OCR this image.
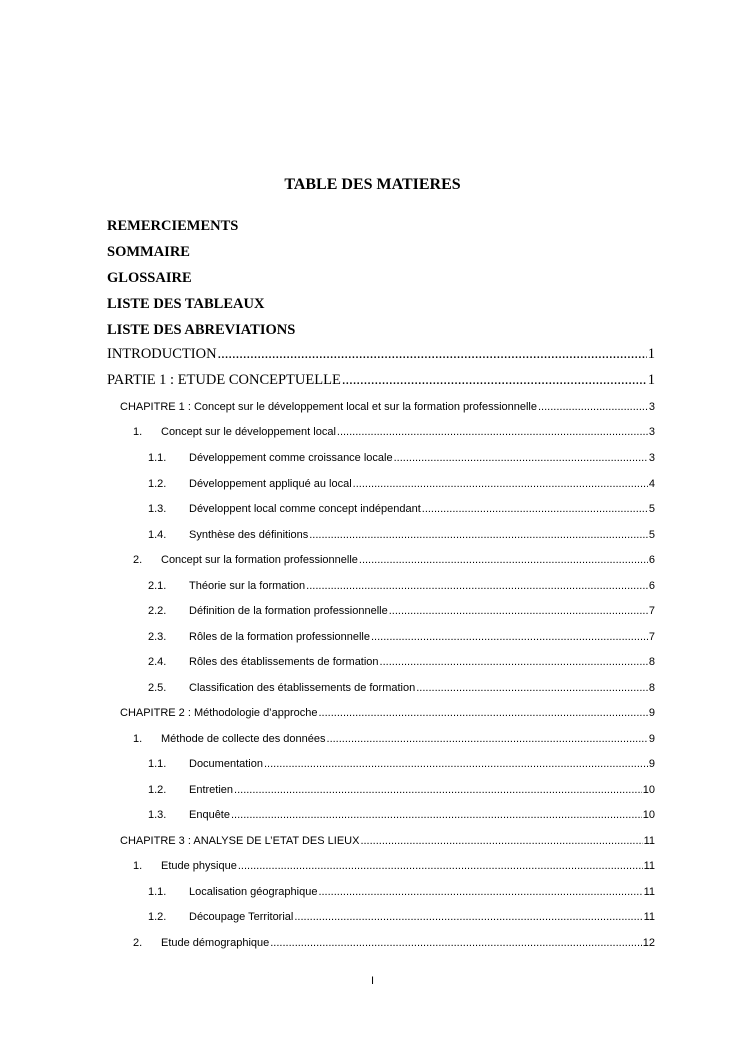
TABLE DES MATIERES
REMERCIEMENTS
SOMMAIRE
GLOSSAIRE
LISTE DES TABLEAUX
LISTE DES ABREVIATIONS
INTRODUCTION .....	1
PARTIE 1 : ETUDE CONCEPTUELLE .....	1
CHAPITRE 1 : Concept sur le développement local et sur la formation professionnelle .....	3
1.	Concept sur le développement local .....	3
1.1.	Développement comme croissance locale .....	3
1.2.	Développement appliqué au local .....	4
1.3.	Développent local comme concept indépendant .....	5
1.4.	Synthèse des définitions .....	5
2.	Concept sur la formation professionnelle .....	6
2.1.	Théorie sur la formation .....	6
2.2.	Définition de la formation professionnelle .....	7
2.3.	Rôles de la formation professionnelle .....	7
2.4.	Rôles des établissements de formation .....	8
2.5.	Classification des établissements de formation .....	8
CHAPITRE 2 : Méthodologie d’approche .....	9
1.	Méthode de collecte des données .....	9
1.1.	Documentation .....	9
1.2.	Entretien .....	10
1.3.	Enquête .....	10
CHAPITRE 3 : ANALYSE DE L’ETAT DES LIEUX .....	11
1.	Etude physique .....	11
1.1.	Localisation géographique .....	11
1.2.	Découpage Territorial .....	11
2.	Etude démographique .....	12
I
